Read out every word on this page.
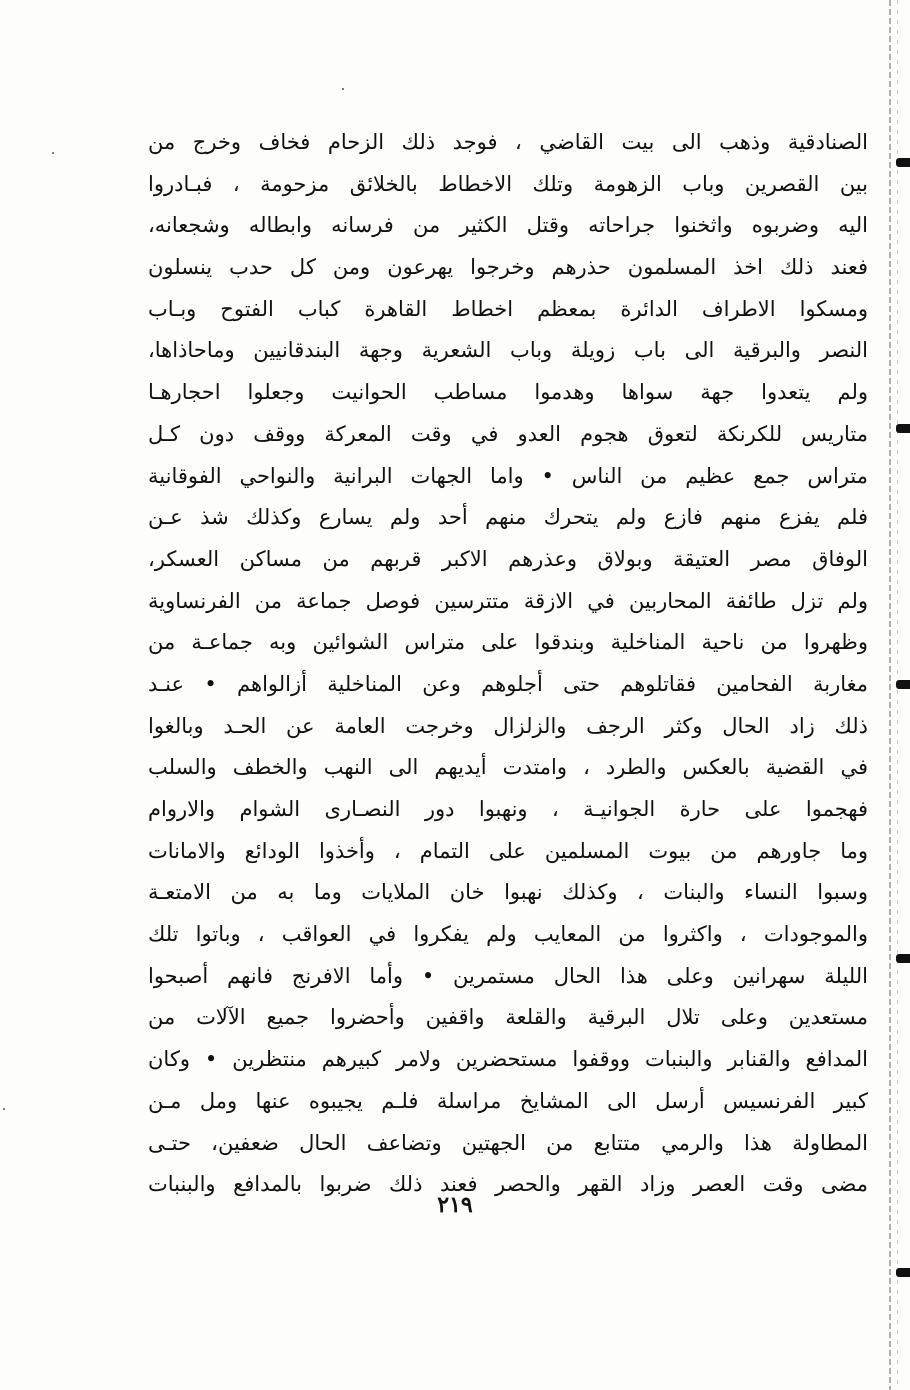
الصنادقية وذهب الى بيت القاضي ، فوجد ذلك الزحام فخاف وخرج من
بين القصرين وباب الزهومة وتلك الاخطاط بالخلائق مزحومة ، فبـادروا
اليه وضربوه واثخنوا جراحاته وقتل الكثير من فرسانه وابطاله وشجعانه،
فعند ذلك اخذ المسلمون حذرهم وخرجوا يهرعون ومن كل حدب ينسلون
ومسكوا الاطراف الدائرة بمعظم اخطاط القاهرة كباب الفتوح وبـاب
النصر والبرقية الى باب زويلة وباب الشعرية وجهة البندقانيين وماحاذاها،
ولم يتعدوا جهة سواها وهدموا مساطب الحوانيت وجعلوا احجارهـا
متاريس للكرنكة لتعوق هجوم العدو في وقت المعركة ووقف دون كـل
متراس جمع عظيم من الناس • واما الجهات البرانية والنواحي الفوقانية
فلم يفزع منهم فازع ولم يتحرك منهم أحد ولم يسارع وكذلك شذ عـن
الوفاق مصر العتيقة وبولاق وعذرهم الاكبر قربهم من مساكن العسكر،
ولم تزل طائفة المحاربين في الازقة متترسين فوصل جماعة من الفرنساوية
وظهروا من ناحية المناخلية وبندقوا على متراس الشوائين وبه جماعـة من
مغاربة الفحامين فقاتلوهم حتى أجلوهم وعن المناخلية أزالواهم • عنـد
ذلك زاد الحال وكثر الرجف والزلزال وخرجت العامة عن الحـد وبالغوا
في القضية بالعكس والطرد ، وامتدت أيديهم الى النهب والخطف والسلب
فهجموا على حارة الجوانيـة ، ونهبوا دور النصـارى الشوام والاروام
وما جاورهم من بيوت المسلمين على التمام ، وأخذوا الودائع والامانات
وسبوا النساء والبنات ، وكذلك نهبوا خان الملايات وما به من الامتعـة
والموجودات ، واكثروا من المعايب ولم يفكروا في العواقب ، وباتوا تلك
الليلة سهرانين وعلى هذا الحال مستمرين • وأما الافرنج فانهم أصبحوا
مستعدين وعلى تلال البرقية والقلعة واقفين وأحضروا جميع الآلات من
المدافع والقنابر والبنبات ووقفوا مستحضرين ولامر كبيرهم منتظرين • وكان
كبير الفرنسيس أرسل الى المشايخ مراسلة فلـم يجيبوه عنها ومل مـن
المطاولة هذا والرمي متتابع من الجهتين وتضاعف الحال ضعفين، حتـى
مضى وقت العصر وزاد القهر والحصر فعند ذلك ضربوا بالمدافع والبنبات
٢١٩
